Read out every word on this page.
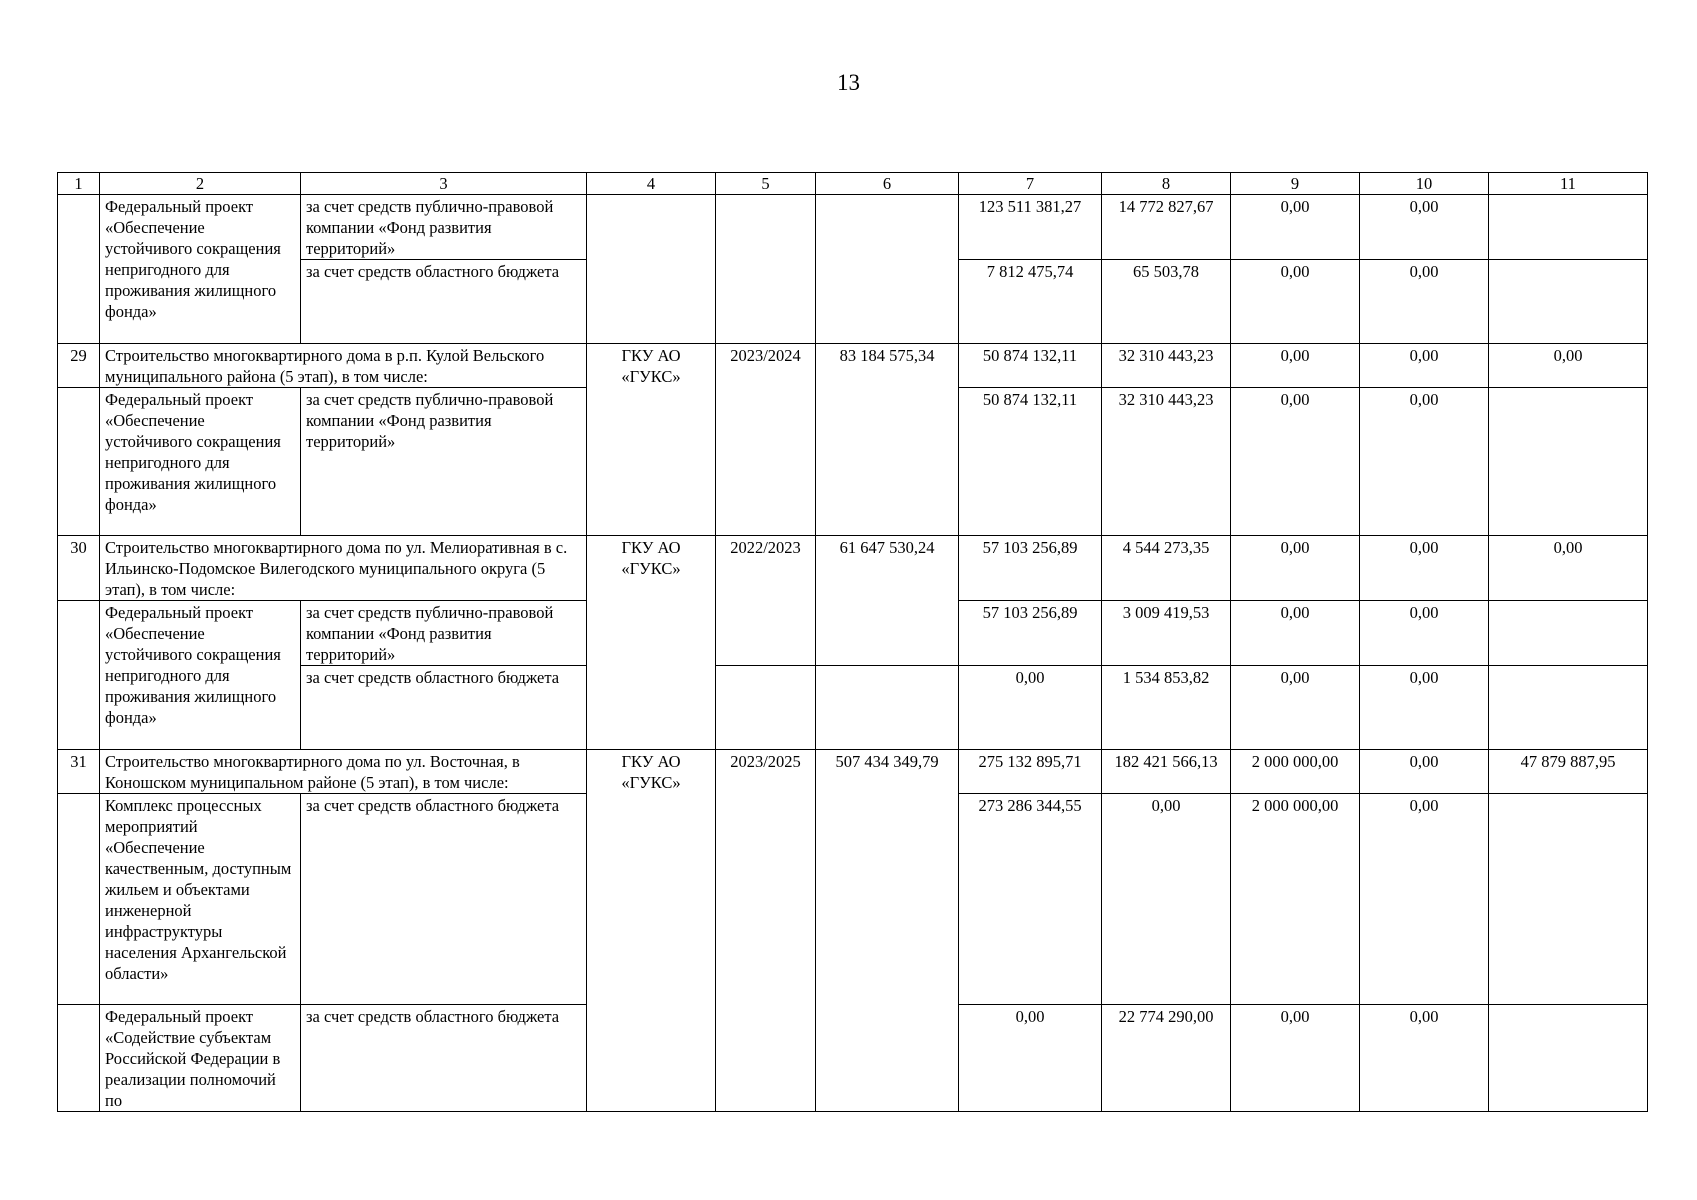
13
1	2	3	4	5	6	7	8	9	10	11
	Федеральный проект «Обеспечение устойчивого сокращения непригодного для проживания жилищного фонда»	за счет средств публично-правовой компании «Фонд развития территорий»				123 511 381,27	14 772 827,67	0,00	0,00	
		за счет средств областного бюджета				7 812 475,74	65 503,78	0,00	0,00	
29	Строительство многоквартирного дома в р.п. Кулой Вельского муниципального района (5 этап), в том числе:		ГКУ АО «ГУКС»	2023/2024	83 184 575,34	50 874 132,11	32 310 443,23	0,00	0,00	0,00
	Федеральный проект «Обеспечение устойчивого сокращения непригодного для проживания жилищного фонда»	за счет средств публично-правовой компании «Фонд развития территорий»				50 874 132,11	32 310 443,23	0,00	0,00	
30	Строительство многоквартирного дома по ул. Мелиоративная в с. Ильинско-Подомское Вилегодского муниципального округа (5 этап), в том числе:		ГКУ АО «ГУКС»	2022/2023	61 647 530,24	57 103 256,89	4 544 273,35	0,00	0,00	0,00
	Федеральный проект «Обеспечение устойчивого сокращения непригодного для проживания жилищного фонда»	за счет средств публично-правовой компании «Фонд развития территорий»				57 103 256,89	3 009 419,53	0,00	0,00	
		за счет средств областного бюджета				0,00	1 534 853,82	0,00	0,00	
31	Строительство многоквартирного дома по ул. Восточная, в Коношском муниципальном районе (5 этап), в том числе:		ГКУ АО «ГУКС»	2023/2025	507 434 349,79	275 132 895,71	182 421 566,13	2 000 000,00	0,00	47 879 887,95
	Комплекс процессных мероприятий «Обеспечение качественным, доступным жильем и объектами инженерной инфраструктуры населения Архангельской области»	за счет средств областного бюджета				273 286 344,55	0,00	2 000 000,00	0,00	
	Федеральный проект «Содействие субъектам Российской Федерации в реализации полномочий по	за счет средств областного бюджета				0,00	22 774 290,00	0,00	0,00	
